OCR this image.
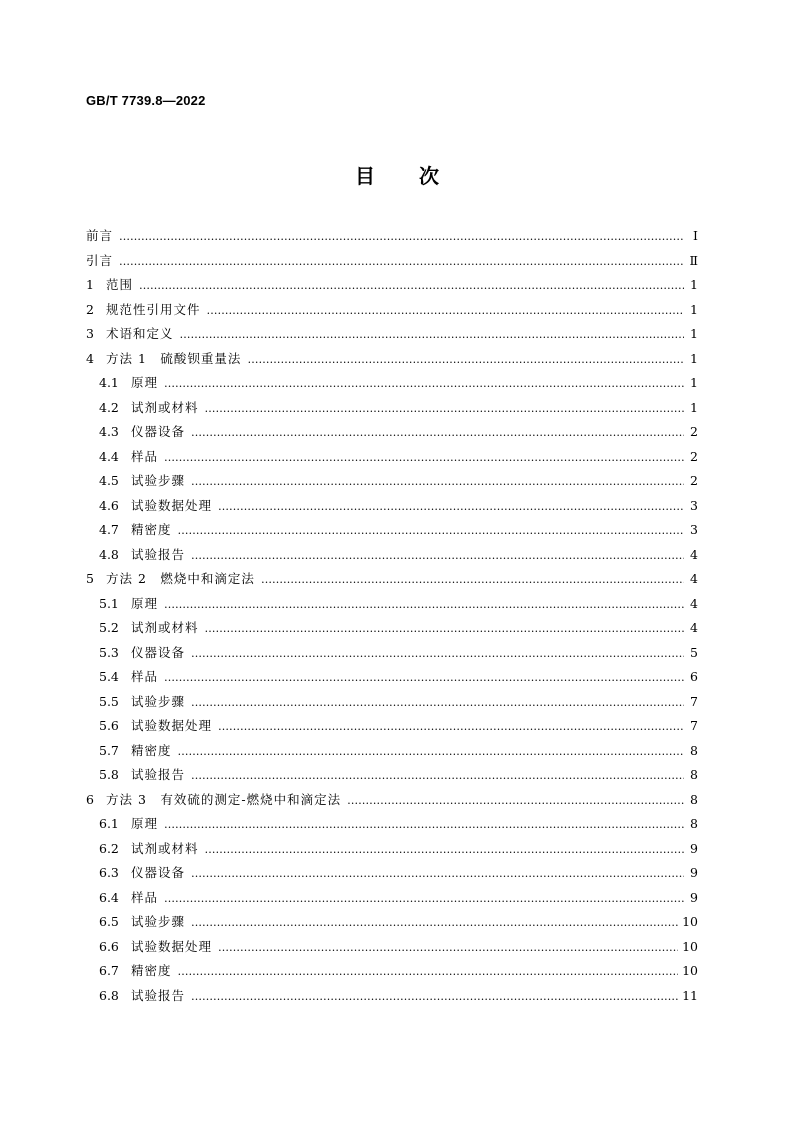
GB/T 7739.8—2022
目 次
前言 …………………………………………………………………………………………………………………………………………………………	Ⅰ
引言 …………………………………………………………………………………………………………………………………………………………	Ⅱ
1 范围 …………………………………………………………………………………………………………………………………………………………	1
2 规范性引用文件 …………………………………………………………………………………………………………………………………………………………	1
3 术语和定义 …………………………………………………………………………………………………………………………………………………………	1
4 方法 1　硫酸钡重量法 …………………………………………………………………………………………………………………………………………………………	1
4.1 原理 …………………………………………………………………………………………………………………………………………………………	1
4.2 试剂或材料 …………………………………………………………………………………………………………………………………………………………	1
4.3 仪器设备 …………………………………………………………………………………………………………………………………………………………	2
4.4 样品 …………………………………………………………………………………………………………………………………………………………	2
4.5 试验步骤 …………………………………………………………………………………………………………………………………………………………	2
4.6 试验数据处理 …………………………………………………………………………………………………………………………………………………………	3
4.7 精密度 …………………………………………………………………………………………………………………………………………………………	3
4.8 试验报告 …………………………………………………………………………………………………………………………………………………………	4
5 方法 2　燃烧中和滴定法 …………………………………………………………………………………………………………………………………………………………	4
5.1 原理 …………………………………………………………………………………………………………………………………………………………	4
5.2 试剂或材料 …………………………………………………………………………………………………………………………………………………………	4
5.3 仪器设备 …………………………………………………………………………………………………………………………………………………………	5
5.4 样品 …………………………………………………………………………………………………………………………………………………………	6
5.5 试验步骤 …………………………………………………………………………………………………………………………………………………………	7
5.6 试验数据处理 …………………………………………………………………………………………………………………………………………………………	7
5.7 精密度 …………………………………………………………………………………………………………………………………………………………	8
5.8 试验报告 …………………………………………………………………………………………………………………………………………………………	8
6 方法 3　有效硫的测定-燃烧中和滴定法 …………………………………………………………………………………………………………………………………………………………	8
6.1 原理 …………………………………………………………………………………………………………………………………………………………	8
6.2 试剂或材料 …………………………………………………………………………………………………………………………………………………………	9
6.3 仪器设备 …………………………………………………………………………………………………………………………………………………………	9
6.4 样品 …………………………………………………………………………………………………………………………………………………………	9
6.5 试验步骤 …………………………………………………………………………………………………………………………………………………………	10
6.6 试验数据处理 …………………………………………………………………………………………………………………………………………………………	10
6.7 精密度 …………………………………………………………………………………………………………………………………………………………	10
6.8 试验报告 …………………………………………………………………………………………………………………………………………………………	11
